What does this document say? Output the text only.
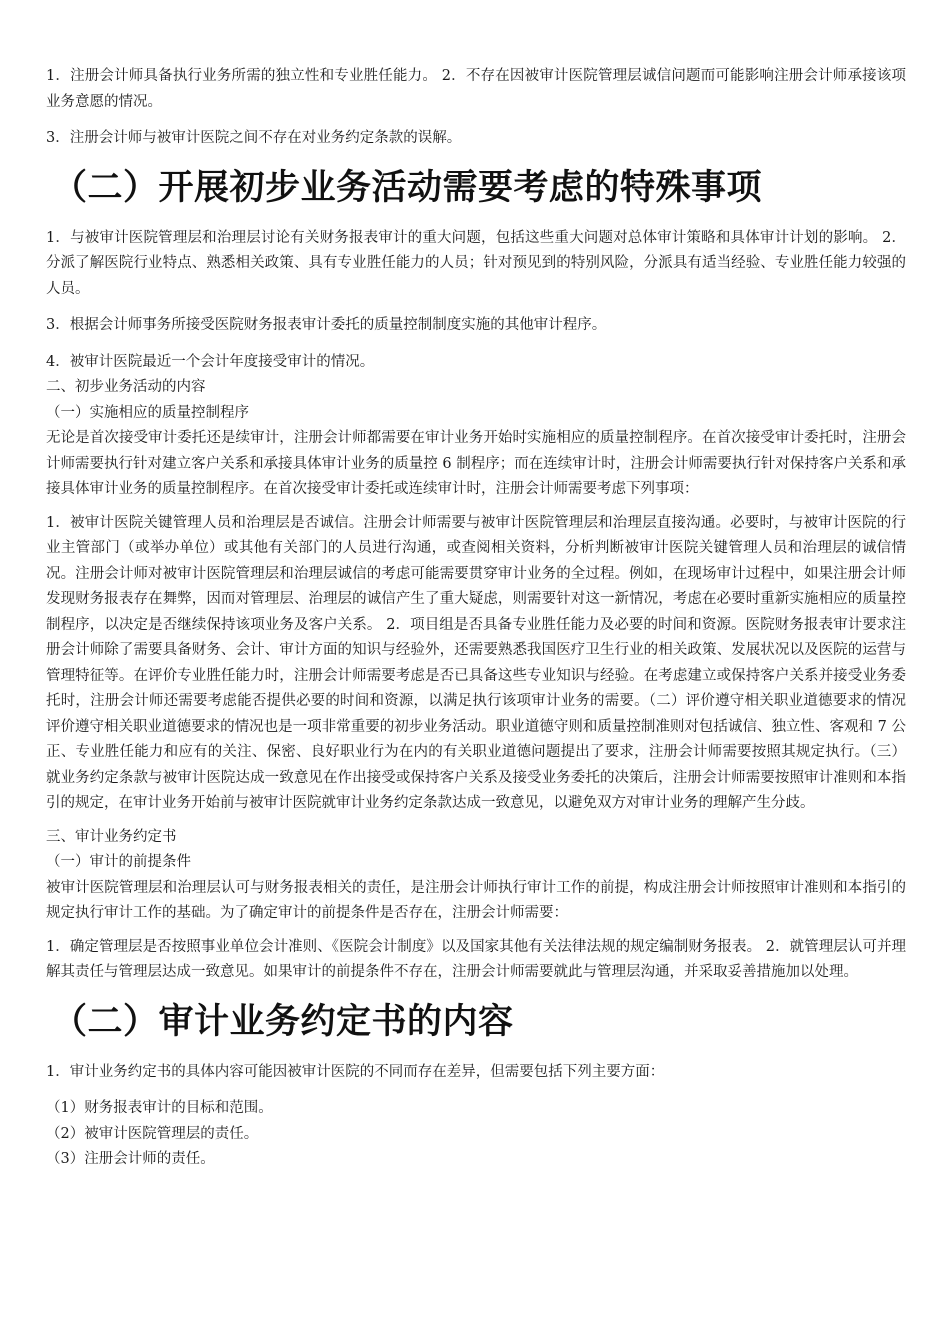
1．注册会计师具备执行业务所需的独立性和专业胜任能力。 2．不存在因被审计医院管理层诚信问题而可能影响注册会计师承接该项业务意愿的情况。

3．注册会计师与被审计医院之间不存在对业务约定条款的误解。

（二）开展初步业务活动需要考虑的特殊事项

1．与被审计医院管理层和治理层讨论有关财务报表审计的重大问题，包括这些重大问题对总体审计策略和具体审计计划的影响。 2．分派了解医院行业特点、熟悉相关政策、具有专业胜任能力的人员；针对预见到的特别风险，分派具有适当经验、专业胜任能力较强的人员。

3．根据会计师事务所接受医院财务报表审计委托的质量控制制度实施的其他审计程序。

4．被审计医院最近一个会计年度接受审计的情况。

二、初步业务活动的内容

（一）实施相应的质量控制程序

无论是首次接受审计委托还是续审计，注册会计师都需要在审计业务开始时实施相应的质量控制程序。在首次接受审计委托时，注册会计师需要执行针对建立客户关系和承接具体审计业务的质量控 6 制程序；而在连续审计时，注册会计师需要执行针对保持客户关系和承接具体审计业务的质量控制程序。在首次接受审计委托或连续审计时，注册会计师需要考虑下列事项：

1．被审计医院关键管理人员和治理层是否诚信。注册会计师需要与被审计医院管理层和治理层直接沟通。必要时，与被审计医院的行业主管部门（或举办单位）或其他有关部门的人员进行沟通，或查阅相关资料，分析判断被审计医院关键管理人员和治理层的诚信情况。注册会计师对被审计医院管理层和治理层诚信的考虑可能需要贯穿审计业务的全过程。例如，在现场审计过程中，如果注册会计师发现财务报表存在舞弊，因而对管理层、治理层的诚信产生了重大疑虑，则需要针对这一新情况，考虑在必要时重新实施相应的质量控制程序，以决定是否继续保持该项业务及客户关系。 2．项目组是否具备专业胜任能力及必要的时间和资源。医院财务报表审计要求注册会计师除了需要具备财务、会计、审计方面的知识与经验外，还需要熟悉我国医疗卫生行业的相关政策、发展状况以及医院的运营与管理特征等。在评价专业胜任能力时，注册会计师需要考虑是否已具备这些专业知识与经验。在考虑建立或保持客户关系并接受业务委托时，注册会计师还需要考虑能否提供必要的时间和资源，以满足执行该项审计业务的需要。（二）评价遵守相关职业道德要求的情况评价遵守相关职业道德要求的情况也是一项非常重要的初步业务活动。职业道德守则和质量控制准则对包括诚信、独立性、客观和 7 公正、专业胜任能力和应有的关注、保密、良好职业行为在内的有关职业道德问题提出了要求，注册会计师需要按照其规定执行。（三）就业务约定条款与被审计医院达成一致意见在作出接受或保持客户关系及接受业务委托的决策后，注册会计师需要按照审计准则和本指引的规定，在审计业务开始前与被审计医院就审计业务约定条款达成一致意见，以避免双方对审计业务的理解产生分歧。

三、审计业务约定书

（一）审计的前提条件

被审计医院管理层和治理层认可与财务报表相关的责任，是注册会计师执行审计工作的前提，构成注册会计师按照审计准则和本指引的规定执行审计工作的基础。为了确定审计的前提条件是否存在，注册会计师需要：

1．确定管理层是否按照事业单位会计准则、《医院会计制度》以及国家其他有关法律法规的规定编制财务报表。 2．就管理层认可并理解其责任与管理层达成一致意见。如果审计的前提条件不存在，注册会计师需要就此与管理层沟通，并采取妥善措施加以处理。

（二）审计业务约定书的内容

1．审计业务约定书的具体内容可能因被审计医院的不同而存在差异，但需要包括下列主要方面：

（1）财务报表审计的目标和范围。

（2）被审计医院管理层的责任。

（3）注册会计师的责任。
